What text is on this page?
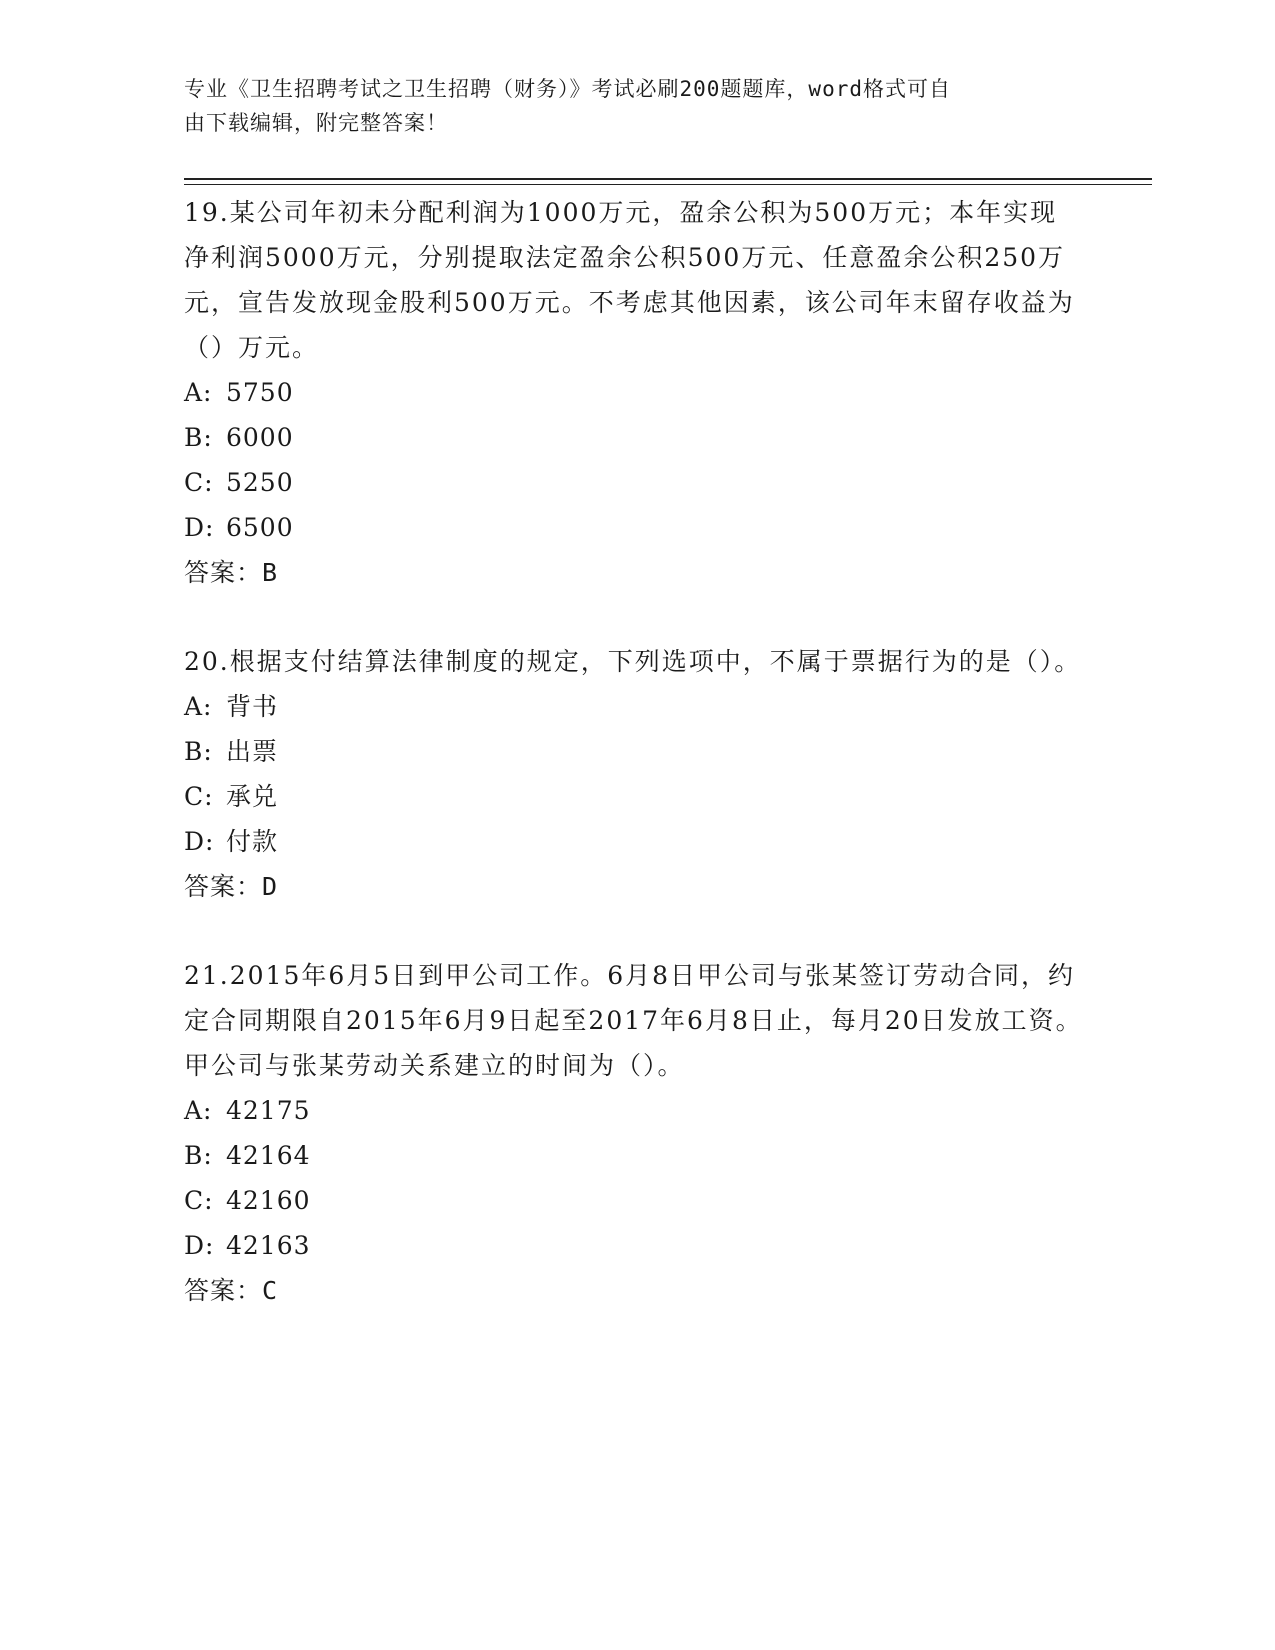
专业《卫生招聘考试之卫生招聘（财务）》考试必刷200题题库，word格式可自
由下载编辑，附完整答案！

19.某公司年初未分配利润为1000万元，盈余公积为500万元；本年实现净利润5000万元，分别提取法定盈余公积500万元、任意盈余公积250万元，宣告发放现金股利500万元。不考虑其他因素，该公司年末留存收益为（）万元。

A: 5750

B: 6000

C: 5250

D: 6500

答案：B

20.根据支付结算法律制度的规定，下列选项中，不属于票据行为的是（）。

A: 背书

B: 出票

C: 承兑

D: 付款

答案：D

21.2015年6月5日到甲公司工作。6月8日甲公司与张某签订劳动合同，约定合同期限自2015年6月9日起至2017年6月8日止，每月20日发放工资。甲公司与张某劳动关系建立的时间为（）。

A: 42175

B: 42164

C: 42160

D: 42163

答案：C
